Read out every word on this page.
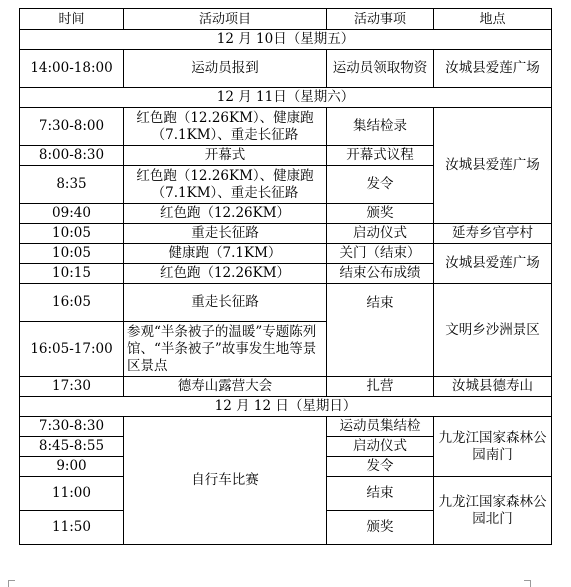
时间	活动项目	活动事项	地点
12 月 10日（星期五）			
14:00-18:00	运动员报到	运动员领取物资	汝城县爱莲广场
12 月 11日（星期六）			
7:30-8:00	红色跑（12.26KM）、健康跑（7.1KM）、重走长征路	集结检录	汝城县爱莲广场
8:00-8:30	开幕式	开幕式议程	
8:35	红色跑（12.26KM）、健康跑（7.1KM）、重走长征路	发令	
09:40	红色跑（12.26KM）	颁奖	
10:05	重走长征路	启动仪式	延寿乡官亭村
10:05	健康跑（7.1KM）	关门（结束）	汝城县爱莲广场
10:15	红色跑（12.26KM）	结束公布成绩	
16:05	重走长征路	结束	文明乡沙洲景区
16:05-17:00	参观“半条被子的温暖”专题陈列馆、“半条被子”故事发生地等景区景点		
17:30	德寿山露营大会	扎营	汝城县德寿山
12 月 12 日（星期日）			
7:30-8:30	自行车比赛	运动员集结检	九龙江国家森林公园南门
8:45-8:55		启动仪式	
9:00		发令	
11:00		结束	九龙江国家森林公园北门
11:50		颁奖	
